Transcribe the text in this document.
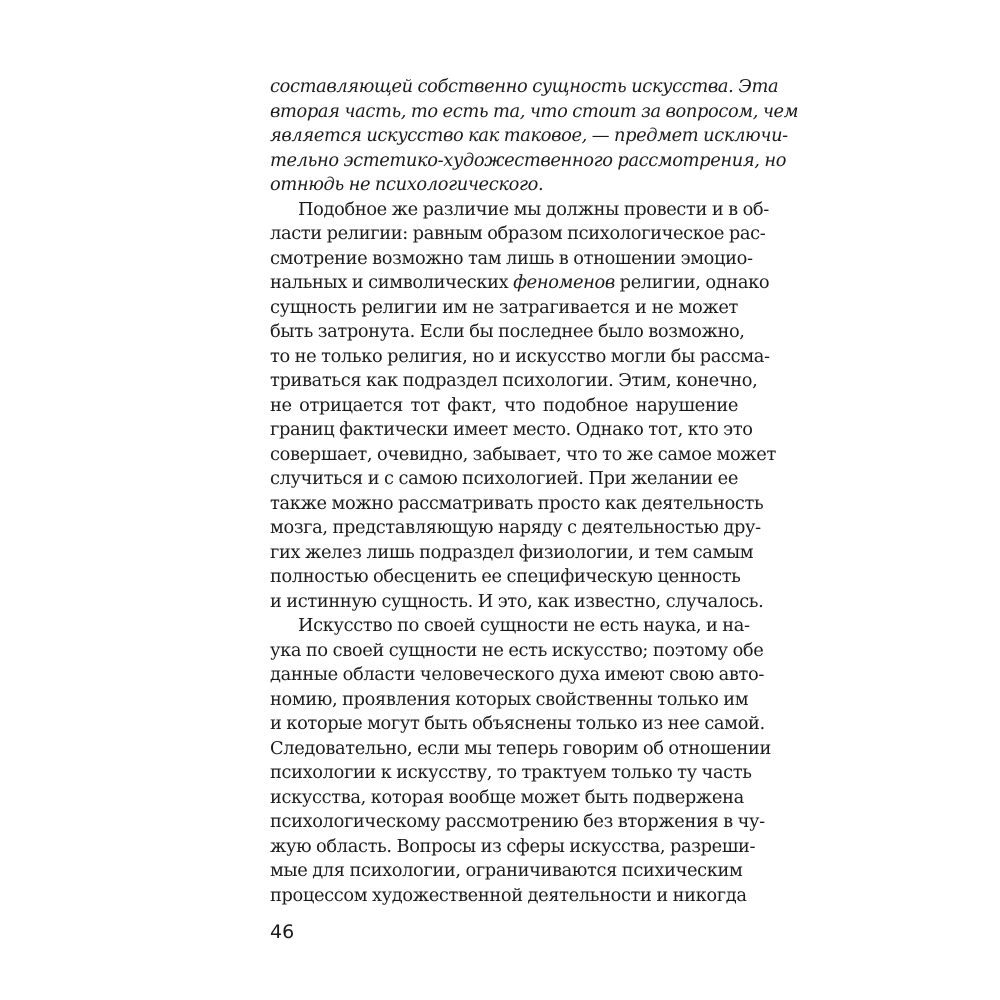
составляющей собственно сущность искусства. Эта
вторая часть, то есть та, что стоит за вопросом, чем
является искусство как таковое, — предмет исключи-
тельно эстетико-художественного рассмотрения, но
отнюдь не психологического.
Подобное же различие мы должны провести и в об-
ласти религии: равным образом психологическое рас-
смотрение возможно там лишь в отношении эмоцио-
нальных и символических феноменов религии, однако
сущность религии им не затрагивается и не может
быть затронута. Если бы последнее было возможно,
то не только религия, но и искусство могли бы рассма-
триваться как подраздел психологии. Этим, конечно,
не отрицается тот факт, что подобное нарушение
границ фактически имеет место. Однако тот, кто это
совершает, очевидно, забывает, что то же самое может
случиться и с самою психологией. При желании ее
также можно рассматривать просто как деятельность
мозга, представляющую наряду с деятельностью дру-
гих желез лишь подраздел физиологии, и тем самым
полностью обесценить ее специфическую ценность
и истинную сущность. И это, как известно, случалось.
Искусство по своей сущности не есть наука, и на-
ука по своей сущности не есть искусство; поэтому обе
данные области человеческого духа имеют свою авто-
номию, проявления которых свойственны только им
и которые могут быть объяснены только из нее самой.
Следовательно, если мы теперь говорим об отношении
психологии к искусству, то трактуем только ту часть
искусства, которая вообще может быть подвержена
психологическому рассмотрению без вторжения в чу-
жую область. Вопросы из сферы искусства, разреши-
мые для психологии, ограничиваются психическим
процессом художественной деятельности и никогда
46
